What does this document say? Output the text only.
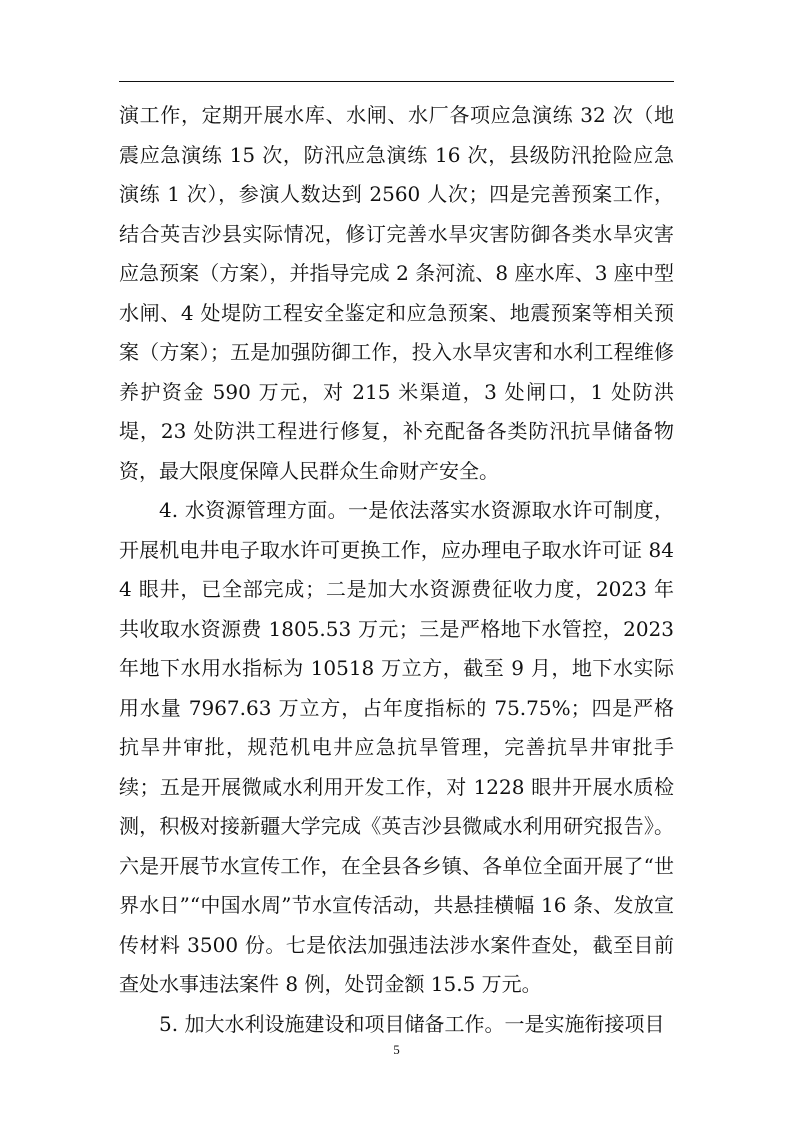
演工作，定期开展水库、水闸、水厂各项应急演练 32 次（地震应急演练 15 次，防汛应急演练 16 次，县级防汛抢险应急演练 1 次），参演人数达到 2560 人次；四是完善预案工作，结合英吉沙县实际情况，修订完善水旱灾害防御各类水旱灾害应急预案（方案），并指导完成 2 条河流、8 座水库、3 座中型水闸、4 处堤防工程安全鉴定和应急预案、地震预案等相关预案（方案）；五是加强防御工作，投入水旱灾害和水利工程维修养护资金 590 万元，对 215 米渠道，3 处闸口，1 处防洪堤，23 处防洪工程进行修复，补充配备各类防汛抗旱储备物资，最大限度保障人民群众生命财产安全。

4. 水资源管理方面。一是依法落实水资源取水许可制度，开展机电井电子取水许可更换工作，应办理电子取水许可证 844 眼井，已全部完成；二是加大水资源费征收力度，2023 年共收取水资源费 1805.53 万元；三是严格地下水管控，2023 年地下水用水指标为 10518 万立方，截至 9 月，地下水实际用水量 7967.63 万立方，占年度指标的 75.75%；四是严格抗旱井审批，规范机电井应急抗旱管理，完善抗旱井审批手续；五是开展微咸水利用开发工作，对 1228 眼井开展水质检测，积极对接新疆大学完成《英吉沙县微咸水利用研究报告》。六是开展节水宣传工作，在全县各乡镇、各单位全面开展了“世界水日”“中国水周”节水宣传活动，共悬挂横幅 16 条、发放宣传材料 3500 份。七是依法加强违法涉水案件查处，截至目前查处水事违法案件 8 例，处罚金额 15.5 万元。

5. 加大水利设施建设和项目储备工作。一是实施衔接项目

5
